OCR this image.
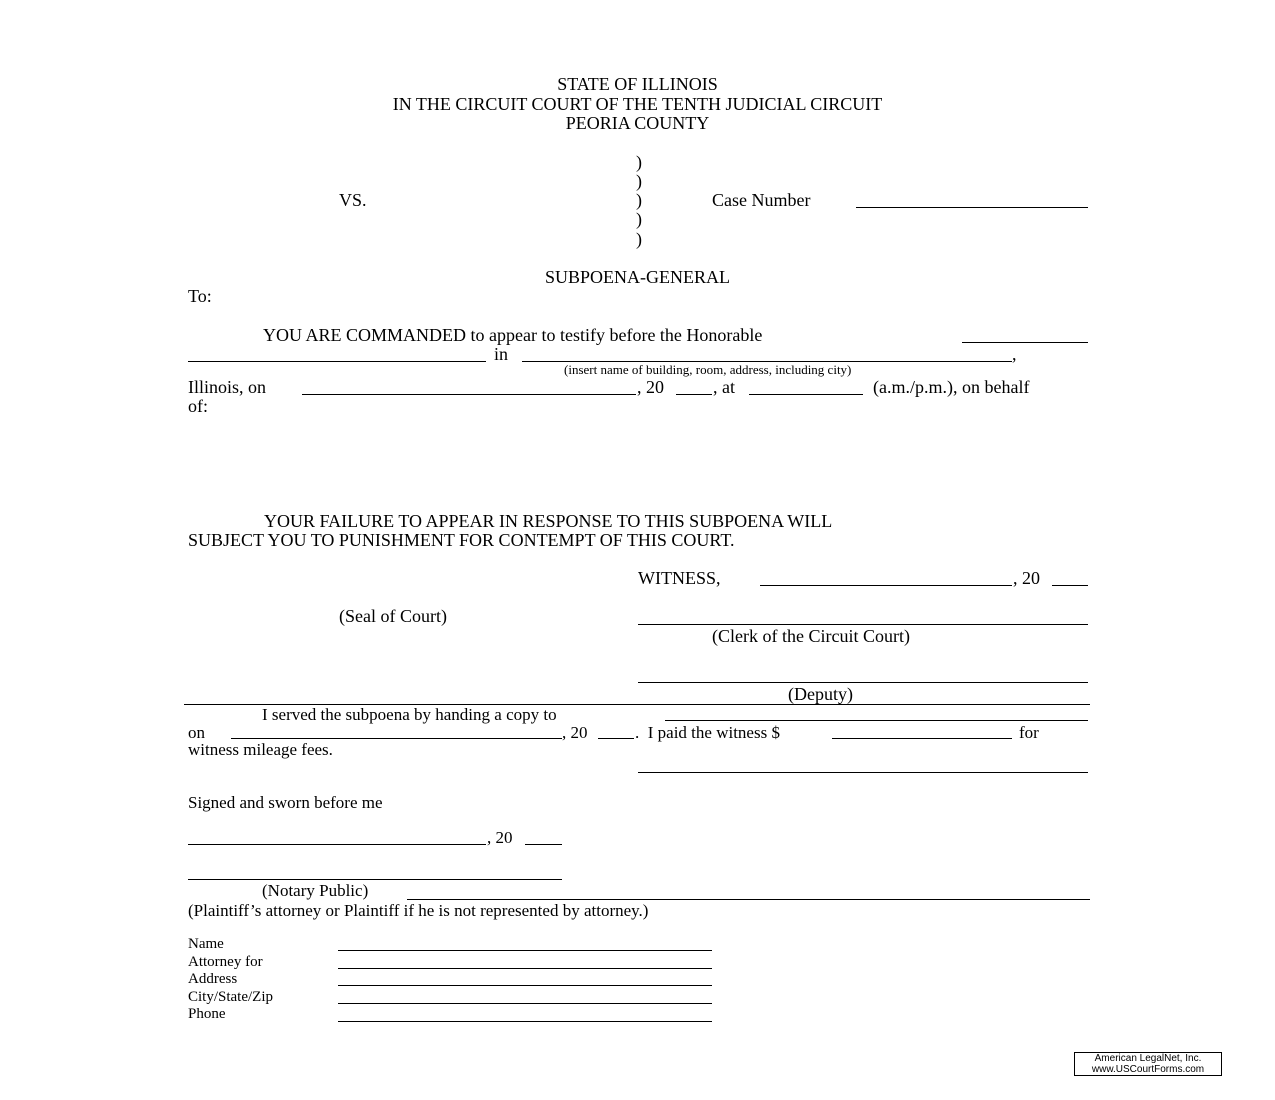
STATE OF ILLINOIS
IN THE CIRCUIT COURT OF THE TENTH JUDICIAL CIRCUIT
PEORIA COUNTY
)
)
)
)
)
VS.	Case Number
SUBPOENA-GENERAL
To:
YOU ARE COMMANDED to appear to testify before the Honorable
in	,
(insert name of building, room, address, including city)
Illinois, on	, 20	, at	(a.m./p.m.), on behalf
of:
YOUR FAILURE TO APPEAR IN RESPONSE TO THIS SUBPOENA WILL
SUBJECT YOU TO PUNISHMENT FOR CONTEMPT OF THIS COURT.
WITNESS,	, 20
(Seal of Court)
(Clerk of the Circuit Court)
(Deputy)
I served the subpoena by handing a copy to
on	, 20	.  I paid the witness $	for
witness mileage fees.
Signed and sworn before me
, 20
(Notary Public)
(Plaintiff’s attorney or Plaintiff if he is not represented by attorney.)
Name
Attorney for
Address
City/State/Zip
Phone
American LegalNet, Inc.
www.USCourtForms.com
